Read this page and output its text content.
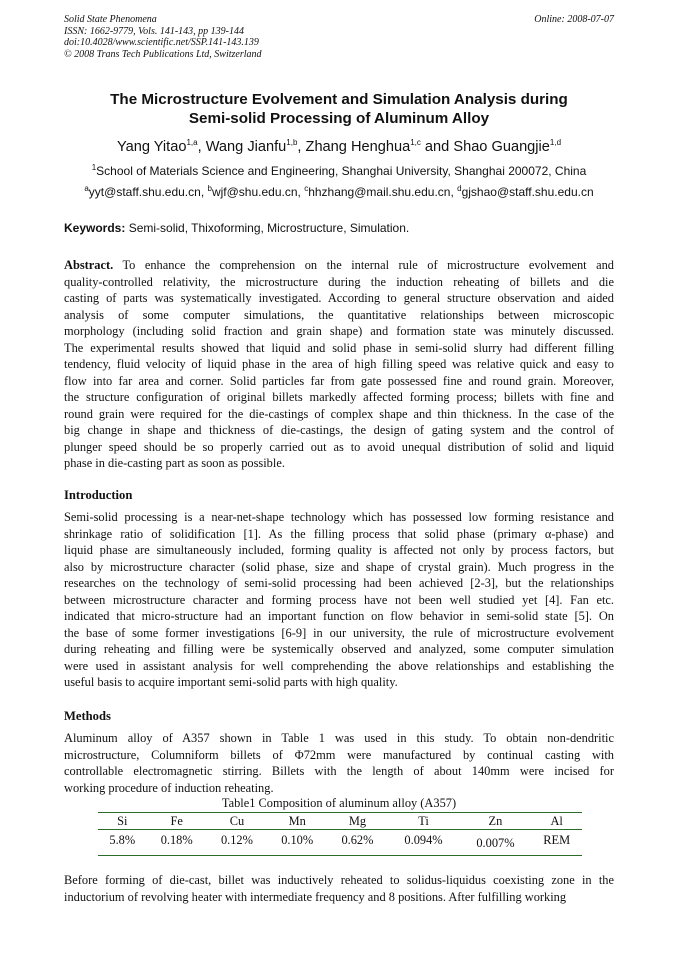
Solid State Phenomena
ISSN: 1662-9779, Vols. 141-143, pp 139-144
doi:10.4028/www.scientific.net/SSP.141-143.139
© 2008 Trans Tech Publications Ltd, Switzerland
Online: 2008-07-07
The Microstructure Evolvement and Simulation Analysis during
Semi-solid Processing of Aluminum Alloy
Yang Yitao$^{1,a}$, Wang Jianfu$^{1,b}$, Zhang Henghua$^{1,c}$ and Shao Guangjie$^{1,d}$
$^1$School of Materials Science and Engineering, Shanghai University, Shanghai 200072, China
$^a$yyt@staff.shu.edu.cn, $^b$wjf@shu.edu.cn, $^c$hhzhang@mail.shu.edu.cn, $^d$gjshao@staff.shu.edu.cn
Keywords: Semi-solid, Thixoforming, Microstructure, Simulation.
Abstract. To enhance the comprehension on the internal rule of microstructure evolvement and
quality-controlled relativity, the microstructure during the induction reheating of billets and die
casting of parts was systematically investigated. According to general structure observation and aided
analysis of some computer simulations, the quantitative relationships between microscopic
morphology (including solid fraction and grain shape) and formation state was minutely discussed.
The experimental results showed that liquid and solid phase in semi-solid slurry had different filling
tendency, fluid velocity of liquid phase in the area of high filling speed was relative quick and easy to
flow into far area and corner. Solid particles far from gate possessed fine and round grain. Moreover,
the structure configuration of original billets markedly affected forming process; billets with fine and
round grain were required for the die-castings of complex shape and thin thickness. In the case of the
big change in shape and thickness of die-castings, the design of gating system and the control of
plunger speed should be so properly carried out as to avoid unequal distribution of solid and liquid
phase in die-casting part as soon as possible.
Introduction
Semi-solid processing is a near-net-shape technology which has possessed low forming resistance and
shrinkage ratio of solidification [1]. As the filling process that solid phase (primary α-phase) and
liquid phase are simultaneously included, forming quality is affected not only by process factors, but
also by microstructure character (solid phase, size and shape of crystal grain). Much progress in the
researches on the technology of semi-solid processing had been achieved [2-3], but the relationships
between microstructure character and forming process have not been well studied yet [4]. Fan etc.
indicated that micro-structure had an important function on flow behavior in semi-solid state [5]. On
the base of some former investigations [6-9] in our university, the rule of microstructure evolvement
during reheating and filling were be systemically observed and analyzed, some computer simulation
were used in assistant analysis for well comprehending the above relationships and establishing the
useful basis to acquire important semi-solid parts with high quality.
Methods
Aluminum alloy of A357 shown in Table 1 was used in this study. To obtain non-dendritic
microstructure, Columniform billets of Φ72mm were manufactured by continual casting with
controllable electromagnetic stirring. Billets with the length of about 140mm were incised for
working procedure of induction reheating.
Table1 Composition of aluminum alloy (A357)
Si	Fe	Cu	Mn	Mg	Ti	Zn	Al
5.8%	0.18%	0.12%	0.10%	0.62%	0.094%	0.007%	REM
Before forming of die-cast, billet was inductively reheated to solidus-liquidus coexisting zone in the
inductorium of revolving heater with intermediate frequency and 8 positions. After fulfilling working
